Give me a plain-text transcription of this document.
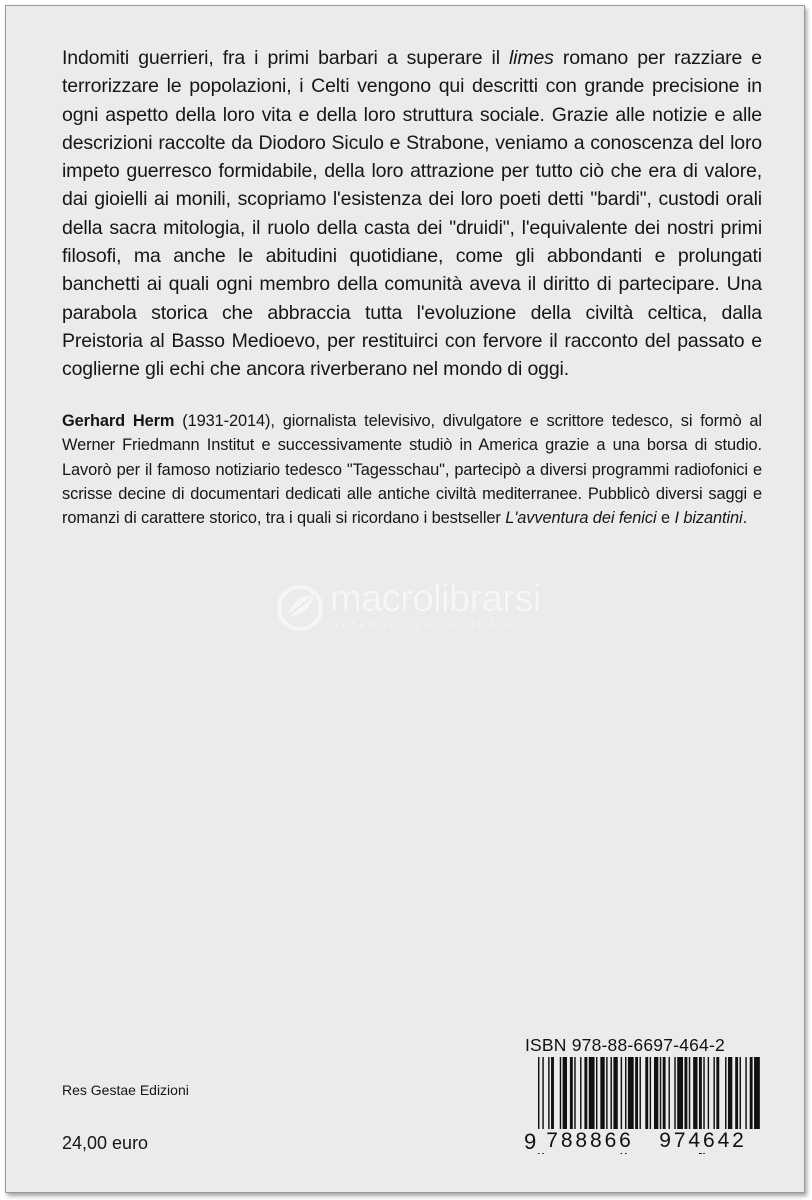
Indomiti guerrieri, fra i primi barbari a superare il limes romano per razziare e terrorizzare le popolazioni, i Celti vengono qui descritti con grande precisione in ogni aspetto della loro vita e della loro struttura sociale. Grazie alle notizie e alle descrizioni raccolte da Diodoro Siculo e Strabone, veniamo a conoscenza del loro impeto guerresco formidabile, della loro attrazione per tutto ciò che era di valore, dai gioielli ai monili, scopriamo l'esistenza dei loro poeti detti "bardi", custodi orali della sacra mitologia, il ruolo della casta dei "druidi", l'equivalente dei nostri primi filosofi, ma anche le abitudini quotidiane, come gli abbondanti e prolungati banchetti ai quali ogni membro della comunità aveva il diritto di partecipare. Una parabola storica che abbraccia tutta l'evoluzione della civiltà celtica, dalla Preistoria al Basso Medioevo, per restituirci con fervore il racconto del passato e coglierne gli echi che ancora riverberano nel mondo di oggi.

Gerhard Herm (1931-2014), giornalista televisivo, divulgatore e scrittore tedesco, si formò al Werner Friedmann Institut e successivamente studiò in America grazie a una borsa di studio. Lavorò per il famoso notiziario tedesco "Tagesschau", partecipò a diversi programmi radiofonici e scrisse decine di documentari dedicati alle antiche civiltà mediterranee. Pubblicò diversi saggi e romanzi di carattere storico, tra i quali si ricordano i bestseller L'avventura dei fenici e I bizantini.

macrolibrarsi
ALTERNATIVA NATURALE
ISBN 978-88-6697-464-2
9 788866	974642
Res Gestae Edizioni
24,00 euro
